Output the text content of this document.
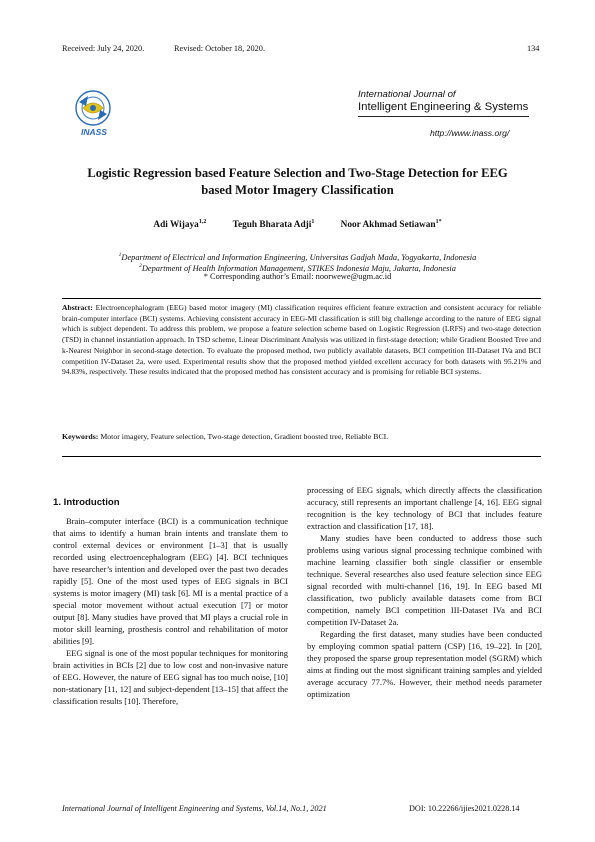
Received: July 24, 2020.	Revised: October 18, 2020.	134
INASS
International Journal of
Intelligent Engineering & Systems
http://www.inass.org/
Logistic Regression based Feature Selection and Two-Stage Detection for EEG
based Motor Imagery Classification
Adi Wijaya$^{1,2}$	Teguh Bharata Adji$^1$	Noor Akhmad Setiawan$^{1*}$
$^1$Department of Electrical and Information Engineering, Universitas Gadjah Mada, Yogyakarta, Indonesia
$^2$Department of Health Information Management, STIKES Indonesia Maju, Jakarta, Indonesia
* Corresponding author’s Email: noorwewe@ugm.ac.id
Abstract: Electroencephalogram (EEG) based motor imagery (MI) classification requires efficient feature extraction and consistent accuracy for reliable brain-computer interface (BCI) systems. Achieving consistent accuracy in EEG-MI classification is still big challenge according to the nature of EEG signal which is subject dependent. To address this problem, we propose a feature selection scheme based on Logistic Regression (LRFS) and two-stage detection (TSD) in channel instantiation approach. In TSD scheme, Linear Discriminant Analysis was utilized in first-stage detection; while Gradient Boosted Tree and k-Nearest Neighbor in second-stage detection. To evaluate the proposed method, two publicly available datasets, BCI competition III-Dataset IVa and BCI competition IV-Dataset 2a, were used. Experimental results show that the proposed method yielded excellent accuracy for both datasets with 95.21% and 94.83%, respectively. These results indicated that the proposed method has consistent accuracy and is promising for reliable BCI systems.
Keywords: Motor imagery, Feature selection, Two-stage detection, Gradient boosted tree, Reliable BCI.
1. Introduction

Brain–computer interface (BCI) is a communication technique that aims to identify a human brain intents and translate them to control external devices or environment [1–3] that is usually recorded using electroencephalogram (EEG) [4]. BCI techniques have researcher’s intention and developed over the past two decades rapidly [5]. One of the most used types of EEG signals in BCI systems is motor imagery (MI) task [6]. MI is a mental practice of a special motor movement without actual execution [7] or motor output [8]. Many studies have proved that MI plays a crucial role in motor skill learning, prosthesis control and rehabilitation of motor abilities [9].

EEG signal is one of the most popular techniques for monitoring brain activities in BCIs [2] due to low cost and non-invasive nature of EEG. However, the nature of EEG signal has too much noise, [10] non-stationary [11, 12] and subject-dependent [13–15] that affect the classification results [10]. Therefore,

processing of EEG signals, which directly affects the classification accuracy, still represents an important challenge [4, 16]. EEG signal recognition is the key technology of BCI that includes feature extraction and classification [17, 18].

Many studies have been conducted to address those such problems using various signal processing technique combined with machine learning classifier both single classifier or ensemble technique. Several researches also used feature selection since EEG signal recorded with multi-channel [16, 19]. In EEG based MI classification, two publicly available datasets come from BCI competition, namely BCI competition III-Dataset IVa and BCI competition IV-Dataset 2a.

Regarding the first dataset, many studies have been conducted by employing common spatial pattern (CSP) [16, 19–22]. In [20], they proposed the sparse group representation model (SGRM) which aims at finding out the most significant training samples and yielded average accuracy 77.7%. However, their method needs parameter optimization

International Journal of Intelligent Engineering and Systems, Vol.14, No.1, 2021	DOI: 10.22266/ijies2021.0228.14
